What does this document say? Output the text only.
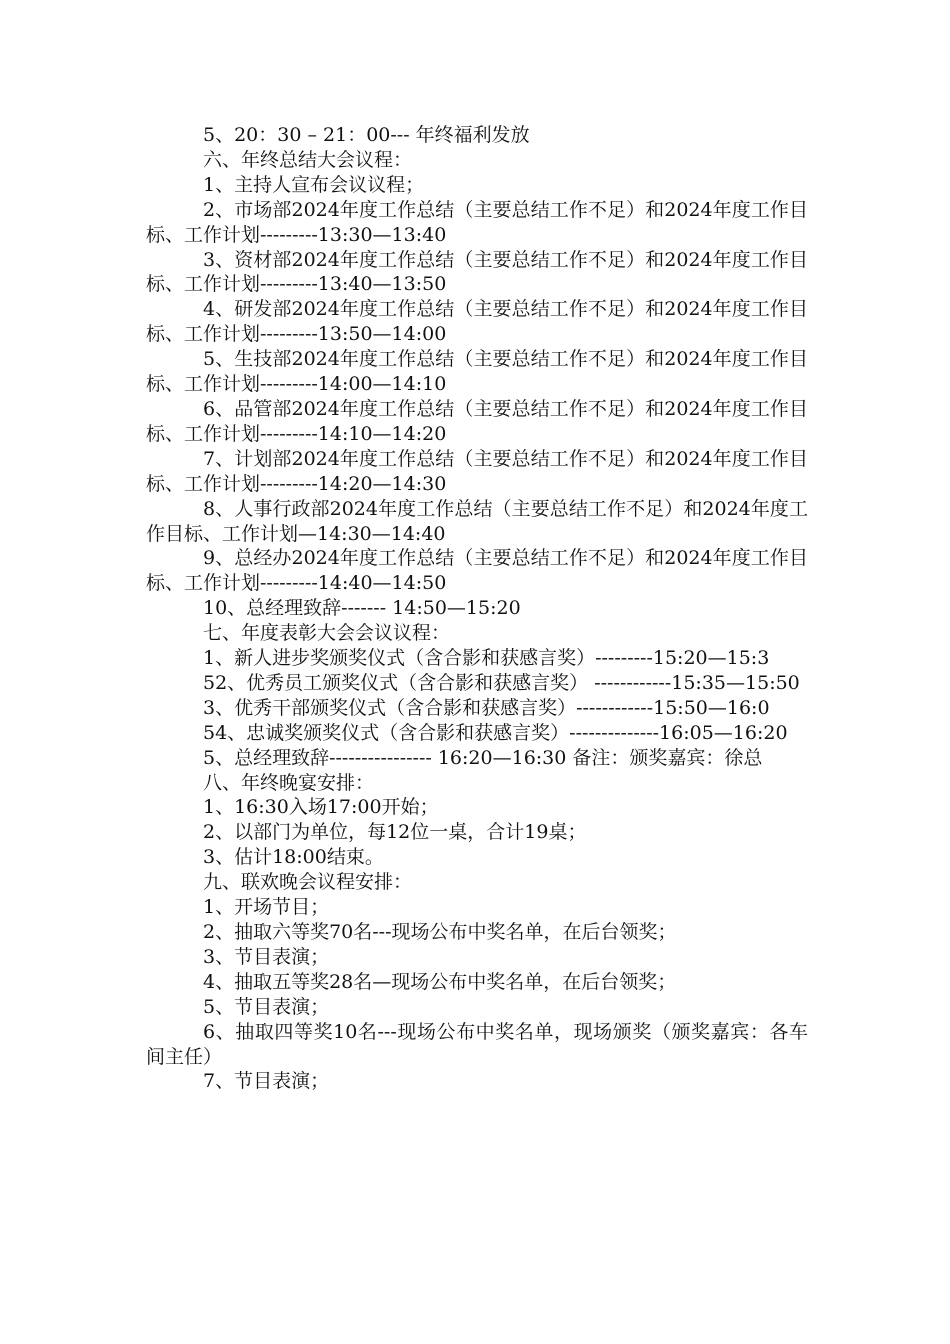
5、20：30 – 21：00--- 年终福利发放

六、年终总结大会议程：

1、主持人宣布会议议程；

2、市场部2024年度工作总结（主要总结工作不足）和2024年度工作目标、工作计划---------13:30—13:40

3、资材部2024年度工作总结（主要总结工作不足）和2024年度工作目标、工作计划---------13:40—13:50

4、研发部2024年度工作总结（主要总结工作不足）和2024年度工作目标、工作计划---------13:50—14:00

5、生技部2024年度工作总结（主要总结工作不足）和2024年度工作目标、工作计划---------14:00—14:10

6、品管部2024年度工作总结（主要总结工作不足）和2024年度工作目标、工作计划---------14:10—14:20

7、计划部2024年度工作总结（主要总结工作不足）和2024年度工作目标、工作计划---------14:20—14:30

8、人事行政部2024年度工作总结（主要总结工作不足）和2024年度工作目标、工作计划—14:30—14:40

9、总经办2024年度工作总结（主要总结工作不足）和2024年度工作目标、工作计划---------14:40—14:50

10、总经理致辞------- 14:50—15:20

七、年度表彰大会会议议程：

1、新人进步奖颁奖仪式（含合影和获感言奖）---------15:20—15:3

52、优秀员工颁奖仪式（含合影和获感言奖） ------------15:35—15:50

3、优秀干部颁奖仪式（含合影和获感言奖）------------15:50—16:0

54、忠诚奖颁奖仪式（含合影和获感言奖）--------------16:05—16:20

5、总经理致辞---------------- 16:20—16:30 备注：颁奖嘉宾：徐总

八、年终晚宴安排：

1、16:30入场17:00开始；

2、以部门为单位，每12位一桌，合计19桌；

3、估计18:00结束。

九、联欢晚会议程安排：

1、开场节目；

2、抽取六等奖70名---现场公布中奖名单，在后台领奖；

3、节目表演；

4、抽取五等奖28名—现场公布中奖名单，在后台领奖；

5、节目表演；

6、抽取四等奖10名---现场公布中奖名单，现场颁奖（颁奖嘉宾：各车间主任）

7、节目表演；
